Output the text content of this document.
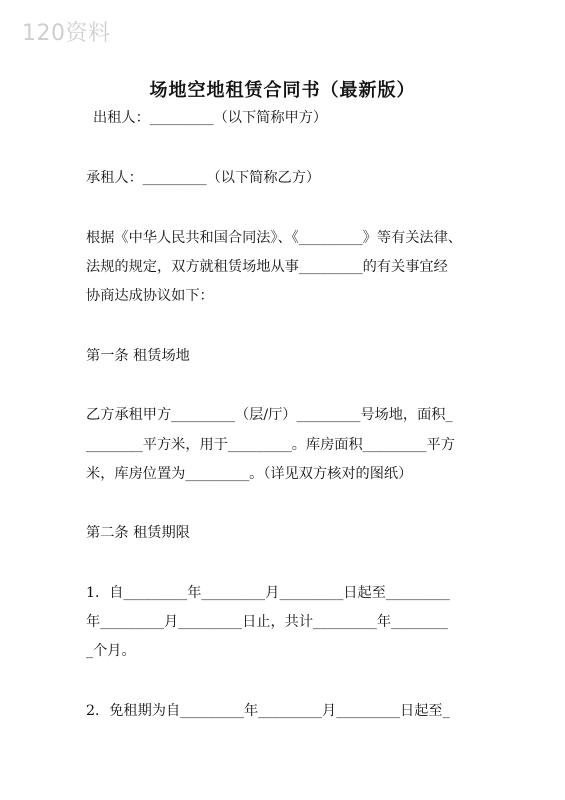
120资料
场地空地租赁合同书（最新版）
出租人：_________（以下简称甲方）
承租人：_________（以下简称乙方）
根据《中华人民共和国合同法》、《_________》等有关法律、
法规的规定，双方就租赁场地从事_________的有关事宜经
协商达成协议如下：
第一条 租赁场地
乙方承租甲方_________（层/厅）_________号场地，面积_
________平方米，用于_________。库房面积_________平方
米，库房位置为_________。（详见双方核对的图纸）
第二条 租赁期限
1．自_________年_________月_________日起至_________
年_________月_________日止，共计_________年________
_个月。
2．免租期为自_________年_________月_________日起至_
